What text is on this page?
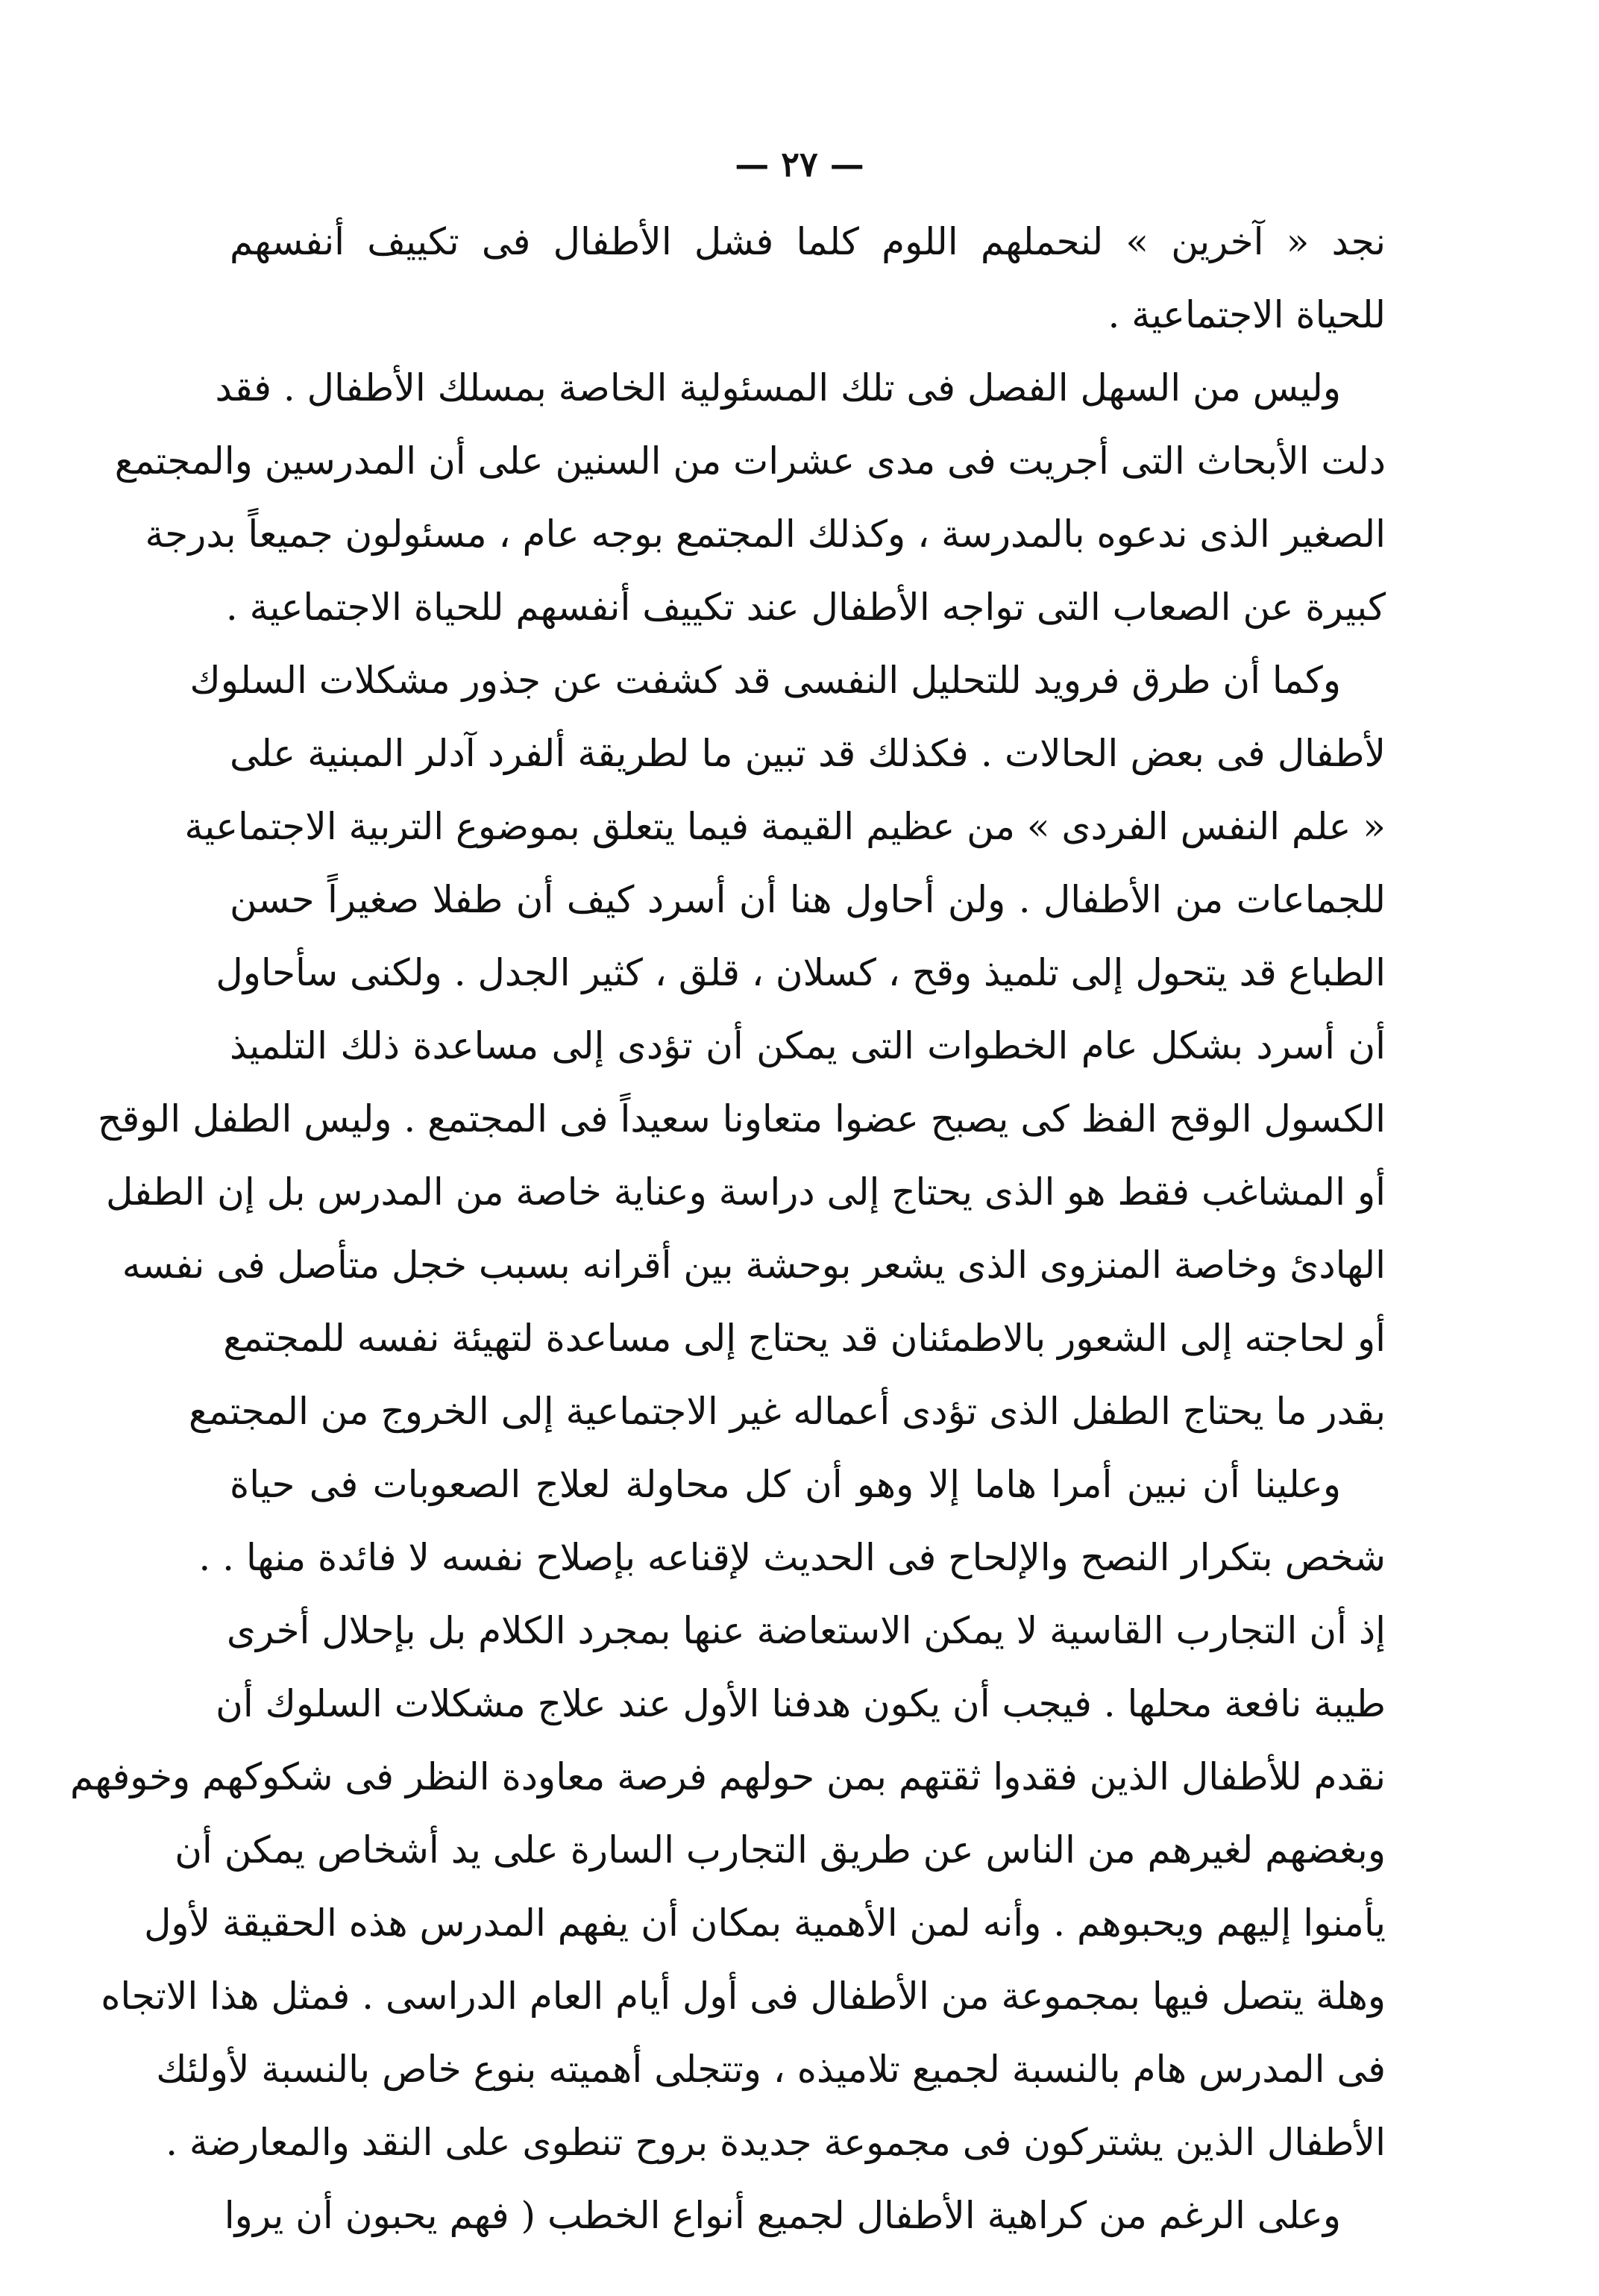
— ٢٧ —
نجد « آخرين » لنحملهم اللوم كلما فشل الأطفال فى تكييف أنفسهم
للحياة الاجتماعية .
وليس من السهل الفصل فى تلك المسئولية الخاصة بمسلك الأطفال . فقد
دلت الأبحاث التى أجريت فى مدى عشرات من السنين على أن المدرسين والمجتمع
الصغير الذى ندعوه بالمدرسة ، وكذلك المجتمع بوجه عام ، مسئولون جميعاً بدرجة
كبيرة عن الصعاب التى تواجه الأطفال عند تكييف أنفسهم للحياة الاجتماعية .
وكما أن طرق فرويد للتحليل النفسى قد كشفت عن جذور مشكلات السلوك
لأطفال فى بعض الحالات . فكذلك قد تبين ما لطريقة ألفرد آدلر المبنية على
« علم النفس الفردى » من عظيم القيمة فيما يتعلق بموضوع التربية الاجتماعية
للجماعات من الأطفال . ولن أحاول هنا أن أسرد كيف أن طفلا صغيراً حسن
الطباع قد يتحول إلى تلميذ وقح ، كسلان ، قلق ، كثير الجدل . ولكنى سأحاول
أن أسرد بشكل عام الخطوات التى يمكن أن تؤدى إلى مساعدة ذلك التلميذ
الكسول الوقح الفظ كى يصبح عضوا متعاونا سعيداً فى المجتمع . وليس الطفل الوقح
أو المشاغب فقط هو الذى يحتاج إلى دراسة وعناية خاصة من المدرس بل إن الطفل
الهادئ وخاصة المنزوى الذى يشعر بوحشة بين أقرانه بسبب خجل متأصل فى نفسه
أو لحاجته إلى الشعور بالاطمئنان قد يحتاج إلى مساعدة لتهيئة نفسه للمجتمع
بقدر ما يحتاج الطفل الذى تؤدى أعماله غير الاجتماعية إلى الخروج من المجتمع
وعلينا أن نبين أمرا هاما إلا وهو أن كل محاولة لعلاج الصعوبات فى حياة
شخص بتكرار النصح والإلحاح فى الحديث لإقناعه بإصلاح نفسه لا فائدة منها . .
إذ أن التجارب القاسية لا يمكن الاستعاضة عنها بمجرد الكلام بل بإحلال أخرى
طيبة نافعة محلها . فيجب أن يكون هدفنا الأول عند علاج مشكلات السلوك أن
نقدم للأطفال الذين فقدوا ثقتهم بمن حولهم فرصة معاودة النظر فى شكوكهم وخوفهم
وبغضهم لغيرهم من الناس عن طريق التجارب السارة على يد أشخاص يمكن أن
يأمنوا إليهم ويحبوهم . وأنه لمن الأهمية بمكان أن يفهم المدرس هذه الحقيقة لأول
وهلة يتصل فيها بمجموعة من الأطفال فى أول أيام العام الدراسى . فمثل هذا الاتجاه
فى المدرس هام بالنسبة لجميع تلاميذه ، وتتجلى أهميته بنوع خاص بالنسبة لأولئك
الأطفال الذين يشتركون فى مجموعة جديدة بروح تنطوى على النقد والمعارضة .
وعلى الرغم من كراهية الأطفال لجميع أنواع الخطب ( فهم يحبون أن يروا
